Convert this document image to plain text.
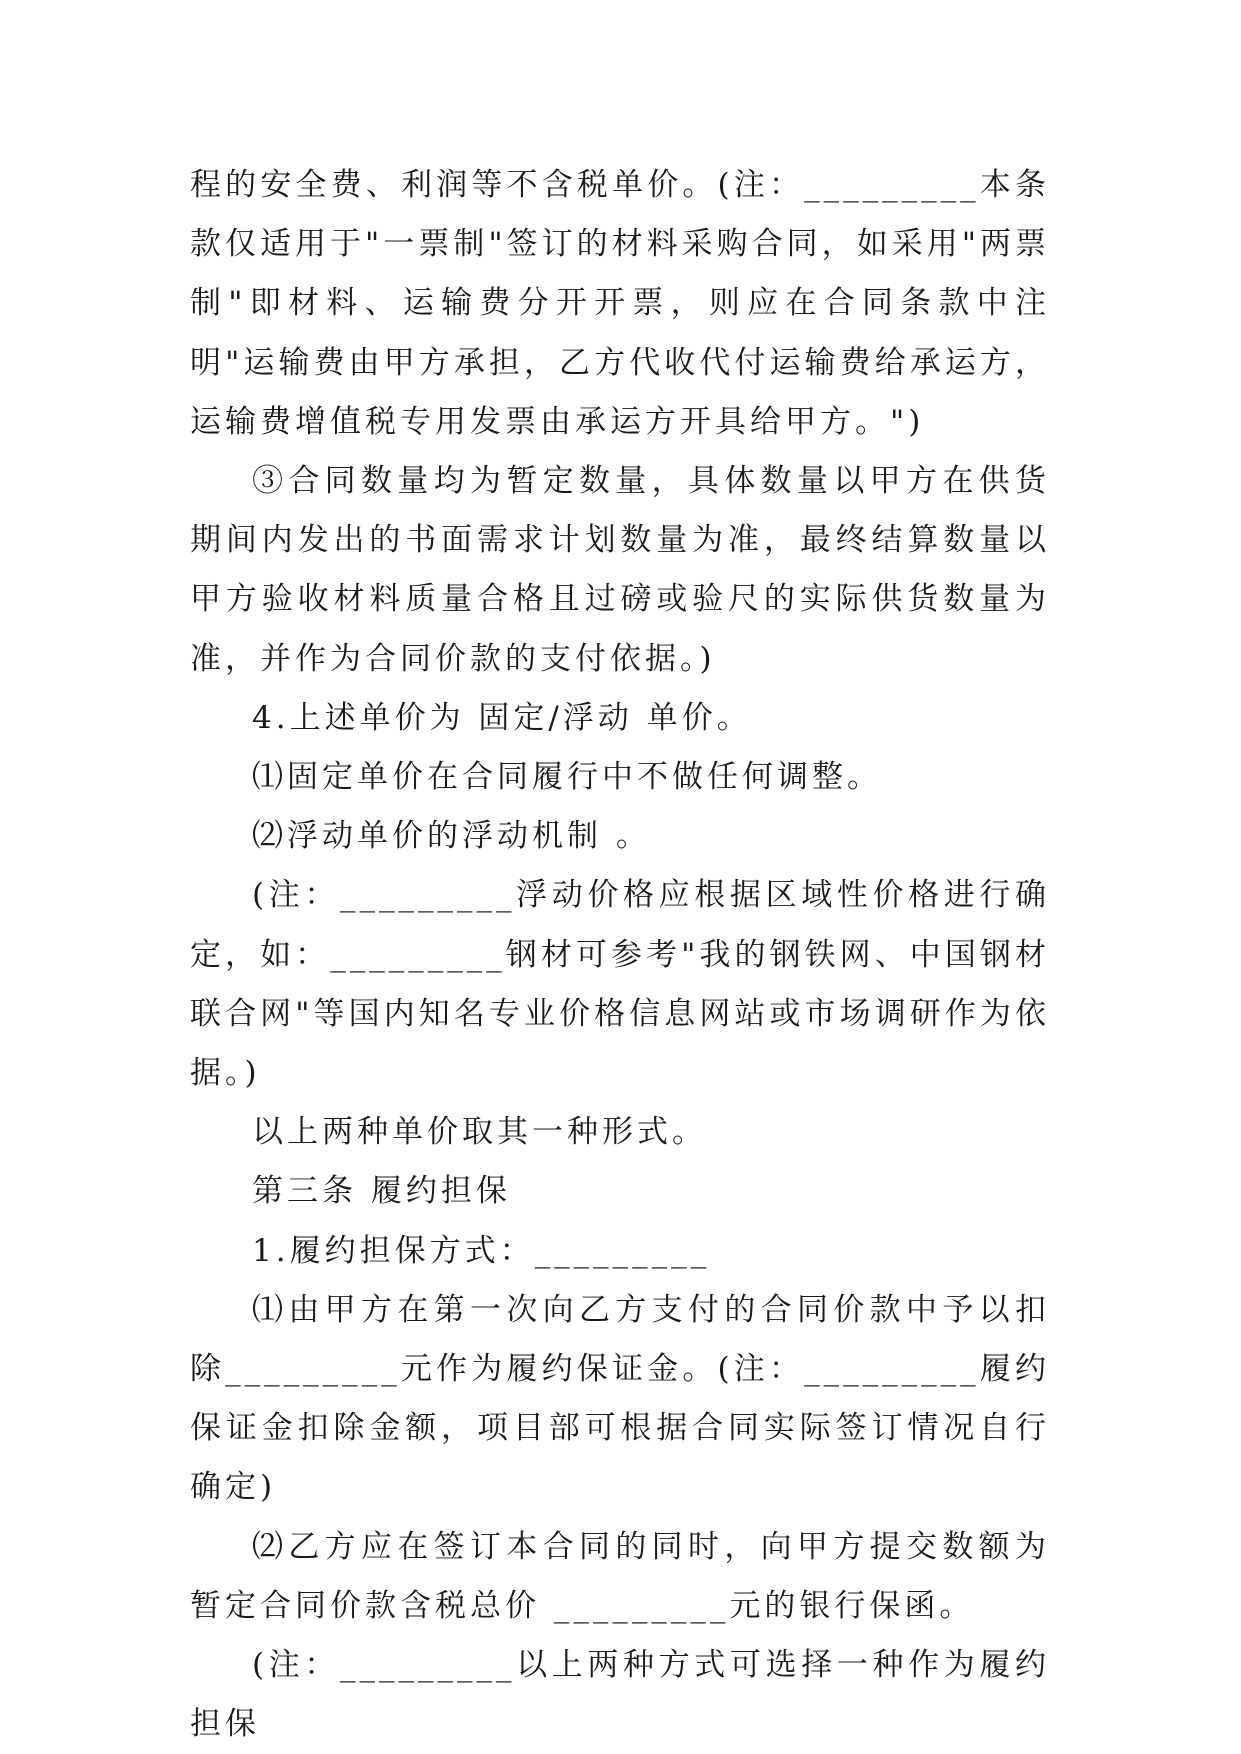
程的安全费、利润等不含税单价。(注：_________本条款仅适用于"一票制"签订的材料采购合同，如采用"两票制"即材料、运输费分开开票，则应在合同条款中注明"运输费由甲方承担，乙方代收代付运输费给承运方，运输费增值税专用发票由承运方开具给甲方。")

③合同数量均为暂定数量，具体数量以甲方在供货期间内发出的书面需求计划数量为准，最终结算数量以甲方验收材料质量合格且过磅或验尺的实际供货数量为准，并作为合同价款的支付依据。)

4.上述单价为 固定/浮动 单价。

⑴固定单价在合同履行中不做任何调整。

⑵浮动单价的浮动机制 。

(注：_________浮动价格应根据区域性价格进行确定，如：_________钢材可参考"我的钢铁网、中国钢材联合网"等国内知名专业价格信息网站或市场调研作为依据。)

以上两种单价取其一种形式。

第三条 履约担保

1.履约担保方式：_________

⑴由甲方在第一次向乙方支付的合同价款中予以扣除_________元作为履约保证金。(注：_________履约保证金扣除金额，项目部可根据合同实际签订情况自行确定)

⑵乙方应在签订本合同的同时，向甲方提交数额为暂定合同价款含税总价 _________元的银行保函。

(注：_________以上两种方式可选择一种作为履约担保
